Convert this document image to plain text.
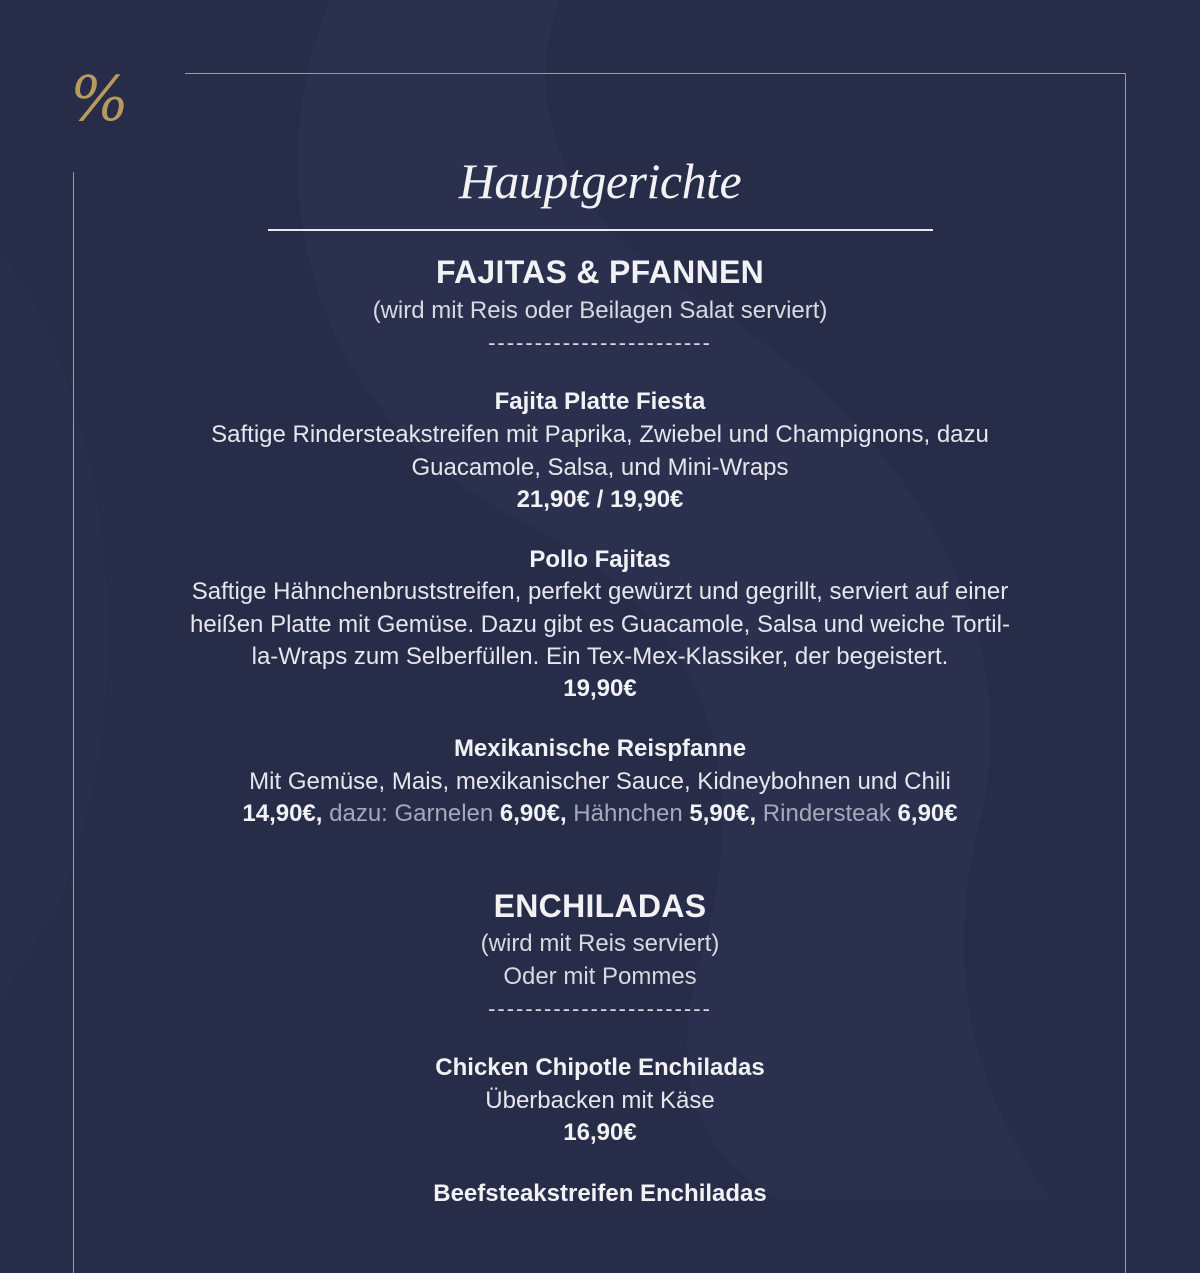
%
Hauptgerichte
FAJITAS & PFANNEN
(wird mit Reis oder Beilagen Salat serviert)
------------------------
Fajita Platte Fiesta
Saftige Rindersteakstreifen mit Paprika, Zwiebel und Champignons, dazu
Guacamole, Salsa, und Mini-Wraps
21,90€ / 19,90€
Pollo Fajitas
Saftige Hähnchenbruststreifen, perfekt gewürzt und gegrillt, serviert auf einer
heißen Platte mit Gemüse. Dazu gibt es Guacamole, Salsa und weiche Tortil-
la-Wraps zum Selberfüllen. Ein Tex-Mex-Klassiker, der begeistert.
19,90€
Mexikanische Reispfanne
Mit Gemüse, Mais, mexikanischer Sauce, Kidneybohnen und Chili
14,90€, dazu: Garnelen 6,90€, Hähnchen 5,90€, Rindersteak 6,90€
ENCHILADAS
(wird mit Reis serviert)
Oder mit Pommes
------------------------
Chicken Chipotle Enchiladas
Überbacken mit Käse
16,90€
Beefsteakstreifen Enchiladas
